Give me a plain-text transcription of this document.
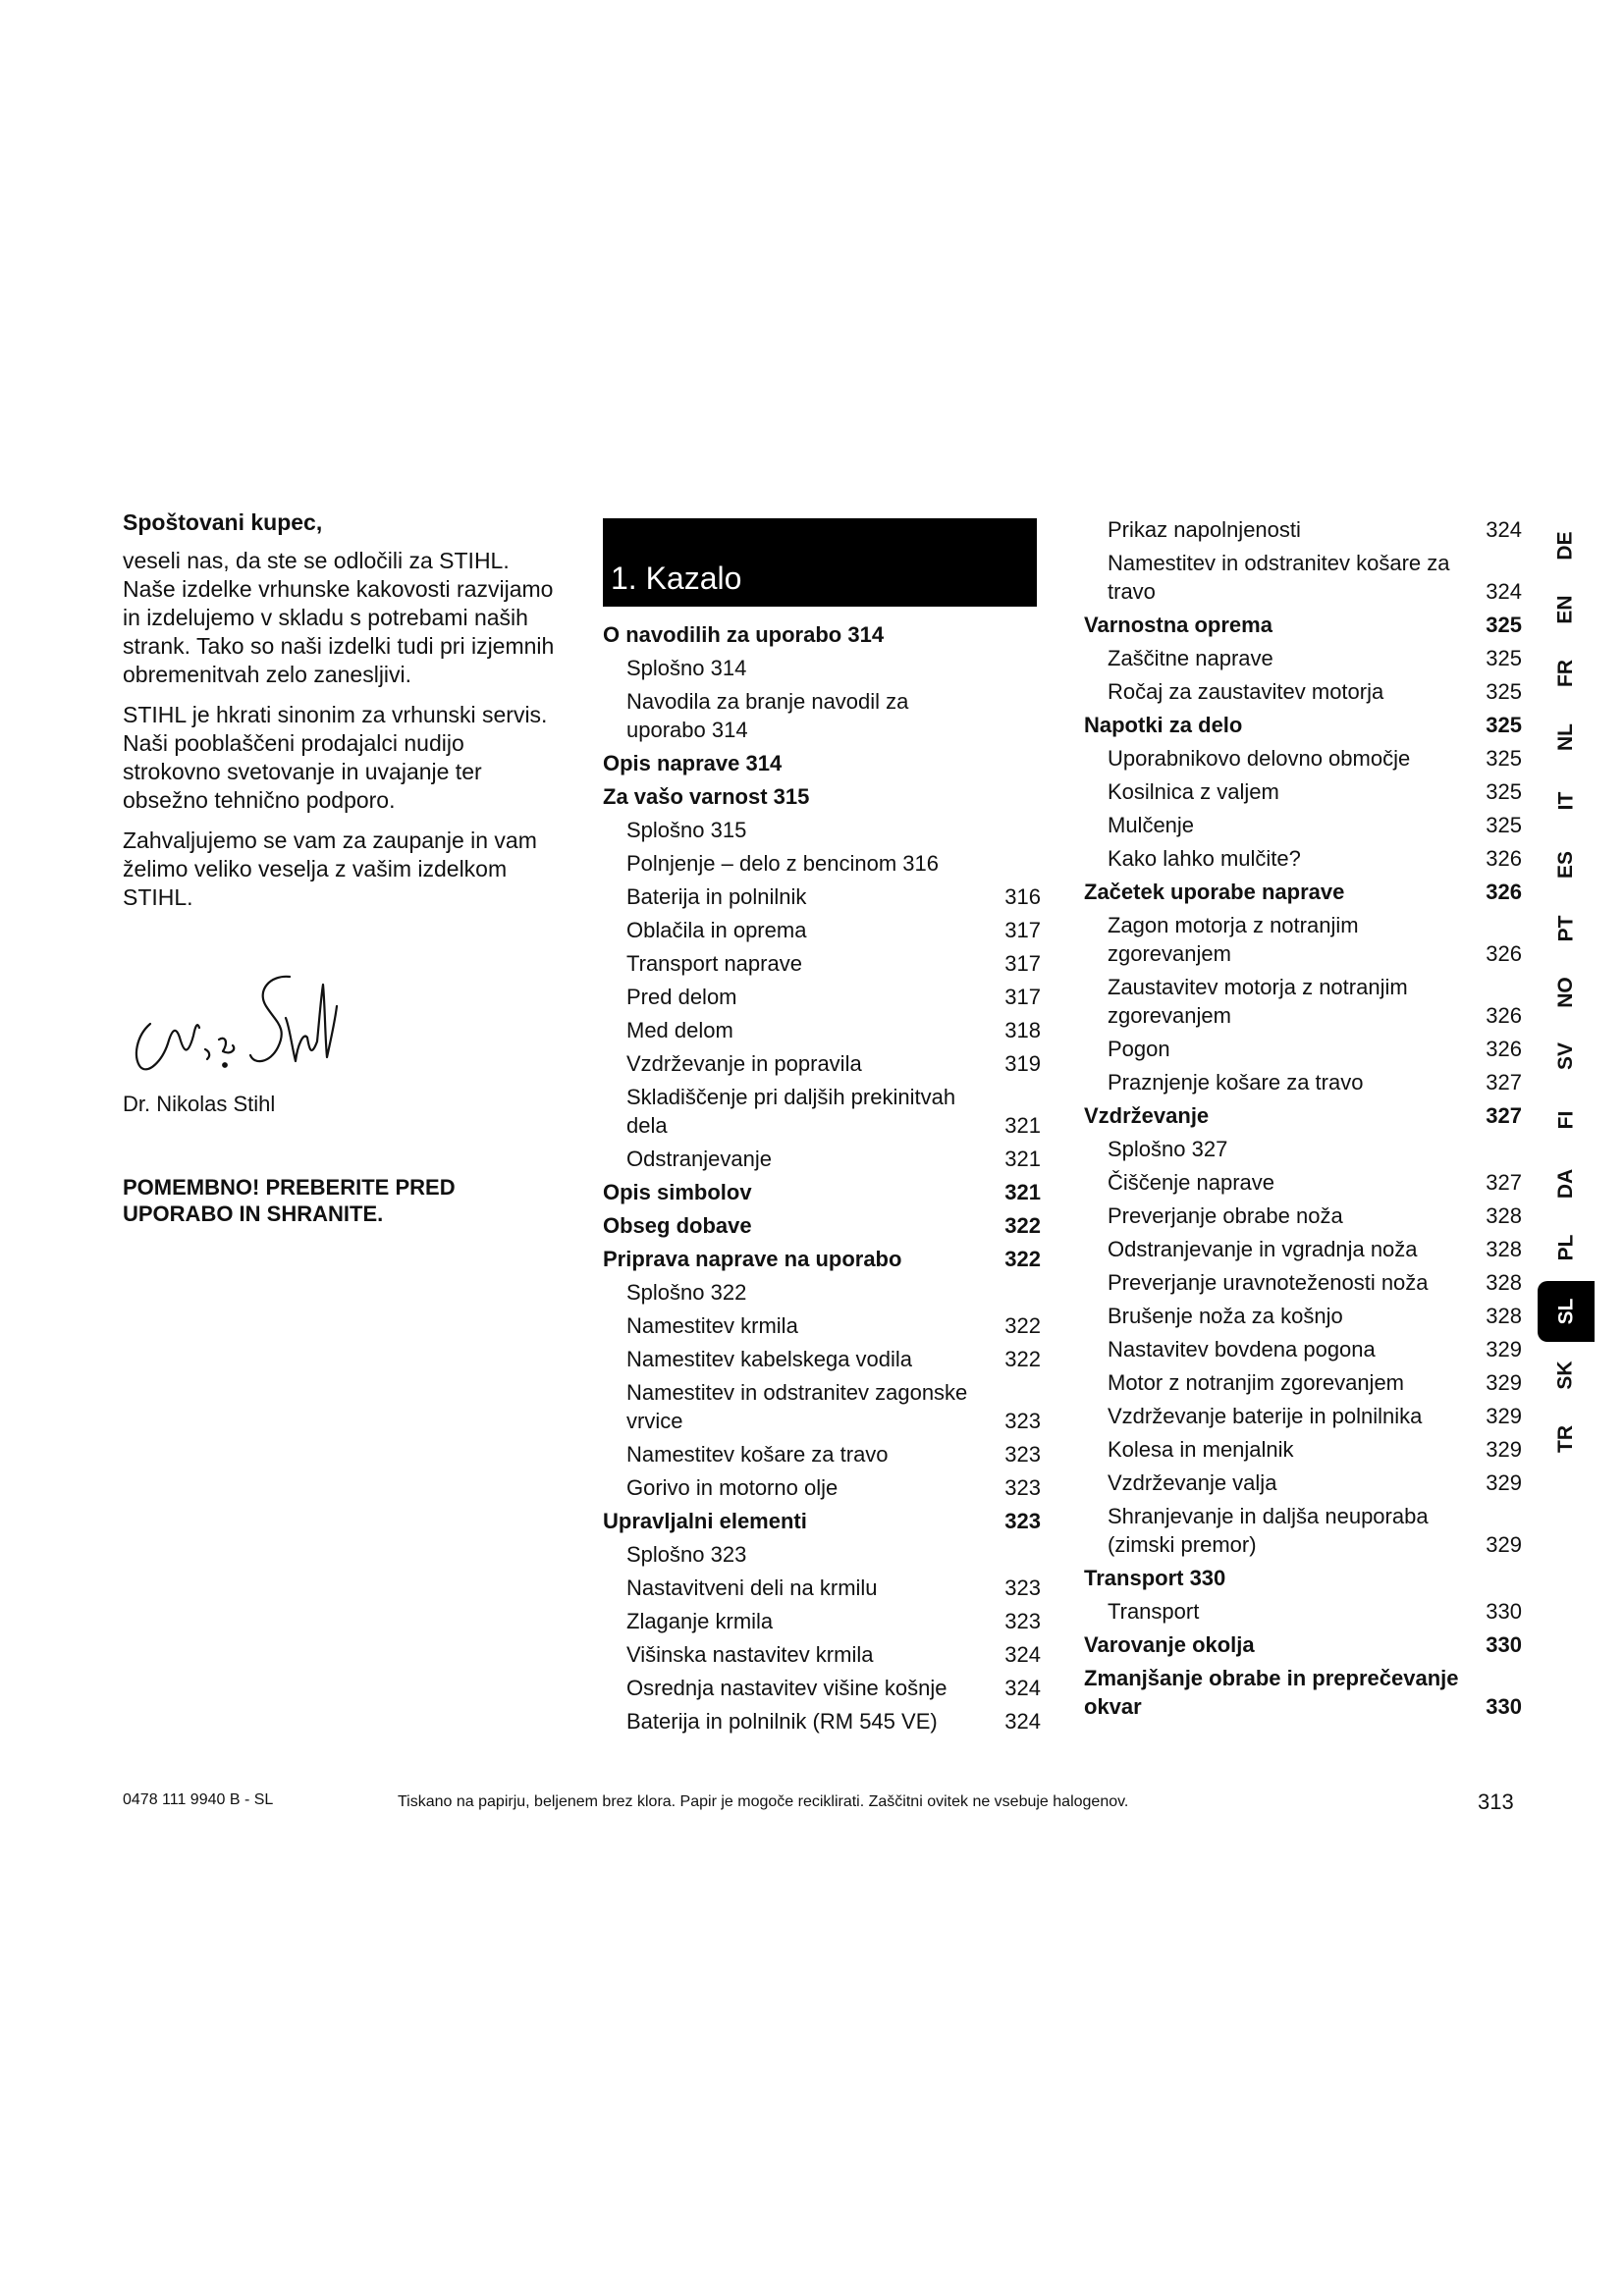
Spoštovani kupec,

veseli nas, da ste se odločili za STIHL. Naše izdelke vrhunske kakovosti razvijamo in izdelujemo v skladu s potrebami naših strank. Tako so naši izdelki tudi pri izjemnih obremenitvah zelo zanesljivi.

STIHL je hkrati sinonim za vrhunski servis. Naši pooblaščeni prodajalci nudijo strokovno svetovanje in uvajanje ter obsežno tehnično podporo.

Zahvaljujemo se vam za zaupanje in vam želimo veliko veselja z vašim izdelkom STIHL.

Dr. Nikolas Stihl
POMEMBNO! PREBERITE PRED UPORABO IN SHRANITE.
1. Kazalo
O navodilih za uporabo 314
Splošno 314
Navodila za branje navodil za uporabo 314
Opis naprave 314
Za vašo varnost 315
Splošno 315
Polnjenje – delo z bencinom 316
Baterija in polnilnik	316
Oblačila in oprema	317
Transport naprave	317
Pred delom	317
Med delom	318
Vzdrževanje in popravila	319
Skladiščenje pri daljših prekinitvah dela	321
Odstranjevanje	321
Opis simbolov	321
Obseg dobave	322
Priprava naprave na uporabo	322
Splošno 322
Namestitev krmila	322
Namestitev kabelskega vodila	322
Namestitev in odstranitev zagonske vrvice	323
Namestitev košare za travo	323
Gorivo in motorno olje	323
Upravljalni elementi	323
Splošno 323
Nastavitveni deli na krmilu	323
Zlaganje krmila	323
Višinska nastavitev krmila	324
Osrednja nastavitev višine košnje	324
Baterija in polnilnik (RM 545 VE)	324
Prikaz napolnjenosti	324
Namestitev in odstranitev košare za travo	324
Varnostna oprema	325
Zaščitne naprave	325
Ročaj za zaustavitev motorja	325
Napotki za delo	325
Uporabnikovo delovno območje	325
Kosilnica z valjem	325
Mulčenje	325
Kako lahko mulčite?	326
Začetek uporabe naprave	326
Zagon motorja z notranjim zgorevanjem	326
Zaustavitev motorja z notranjim zgorevanjem	326
Pogon	326
Praznjenje košare za travo	327
Vzdrževanje	327
Splošno 327
Čiščenje naprave	327
Preverjanje obrabe noža	328
Odstranjevanje in vgradnja noža	328
Preverjanje uravnoteženosti noža	328
Brušenje noža za košnjo	328
Nastavitev bovdena pogona	329
Motor z notranjim zgorevanjem	329
Vzdrževanje baterije in polnilnika	329
Kolesa in menjalnik	329
Vzdrževanje valja	329
Shranjevanje in daljša neuporaba (zimski premor)	329
Transport 330
Transport	330
Varovanje okolja	330
Zmanjšanje obrabe in preprečevanje okvar	330
DE
EN
FR
NL
IT
ES
PT
NO
SV
FI
DA
PL
SL
SK
TR
0478 111 9940 B - SL	Tiskano na papirju, beljenem brez klora. Papir je mogoče reciklirati. Zaščitni ovitek ne vsebuje halogenov.	313
